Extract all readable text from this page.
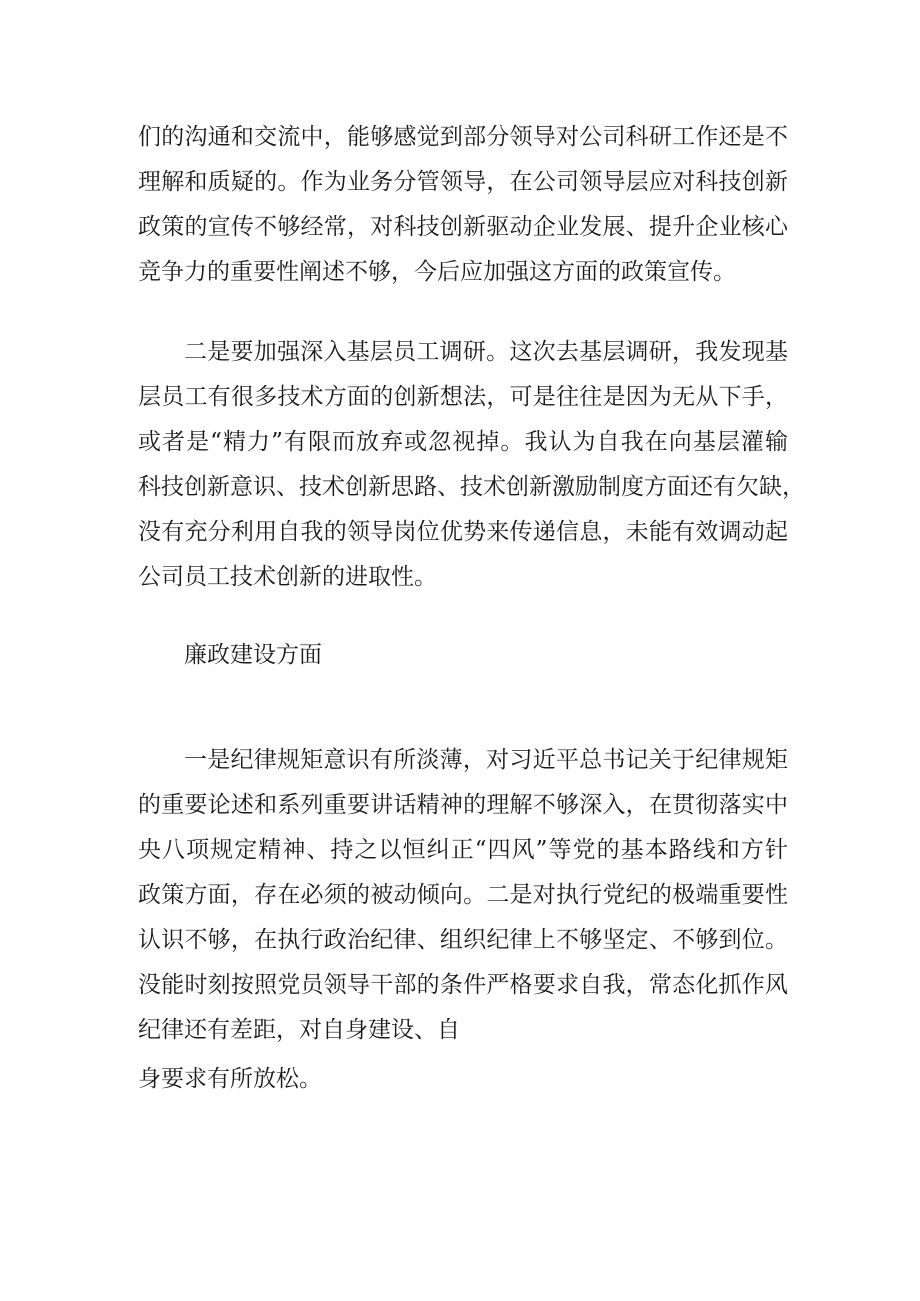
们的沟通和交流中，能够感觉到部分领导对公司科研工作还是不
理解和质疑的。作为业务分管领导，在公司领导层应对科技创新
政策的宣传不够经常，对科技创新驱动企业发展、提升企业核心
竞争力的重要性阐述不够，今后应加强这方面的政策宣传。
二是要加强深入基层员工调研。这次去基层调研，我发现基
层员工有很多技术方面的创新想法，可是往往是因为无从下手，
或者是“精力”有限而放弃或忽视掉。我认为自我在向基层灌输
科技创新意识、技术创新思路、技术创新激励制度方面还有欠缺，
没有充分利用自我的领导岗位优势来传递信息，未能有效调动起
公司员工技术创新的进取性。
廉政建设方面
一是纪律规矩意识有所淡薄，对习近平总书记关于纪律规矩
的重要论述和系列重要讲话精神的理解不够深入，在贯彻落实中
央八项规定精神、持之以恒纠正“四风”等党的基本路线和方针
政策方面，存在必须的被动倾向。二是对执行党纪的极端重要性
认识不够，在执行政治纪律、组织纪律上不够坚定、不够到位。
没能时刻按照党员领导干部的条件严格要求自我，常态化抓作风
纪律还有差距，对自身建设、自
身要求有所放松。
